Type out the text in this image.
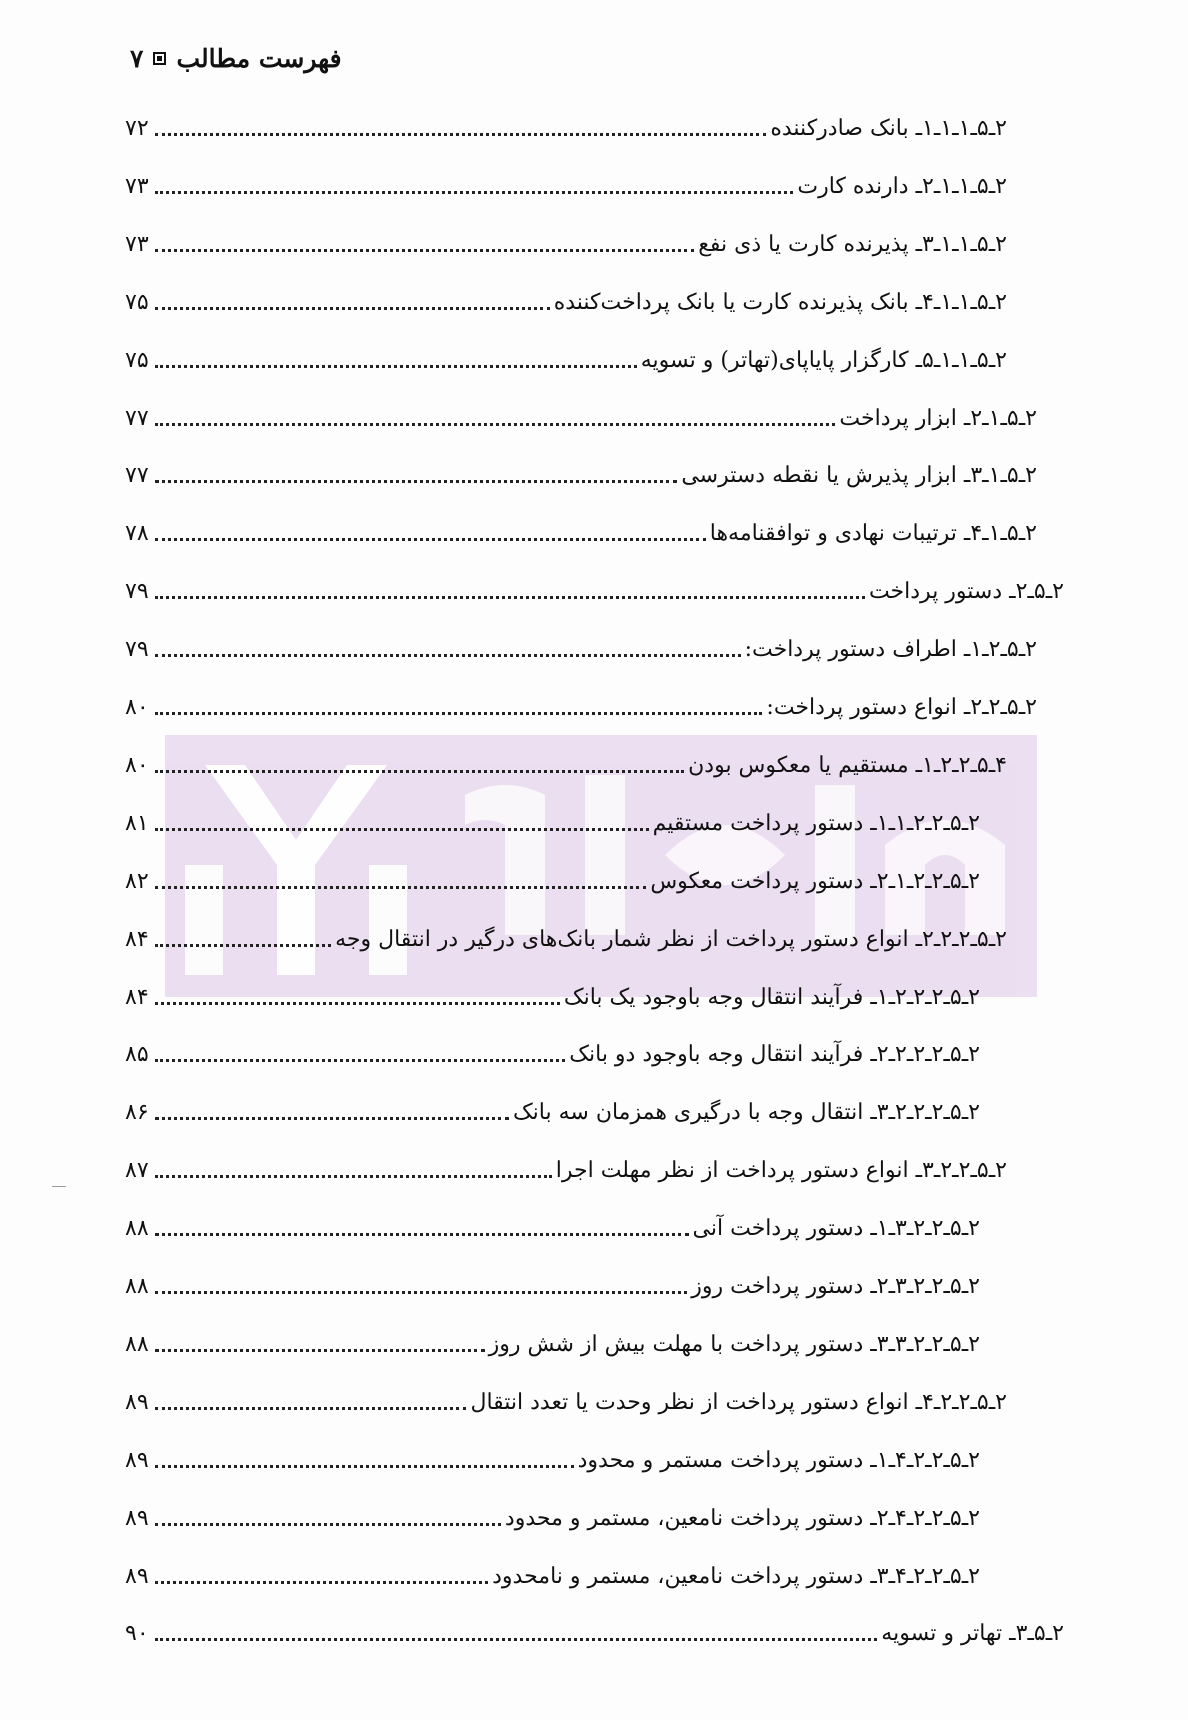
فهرست مطالب
۷
۲ـ۵ـ۱ـ۱ـ۱ـ بانک صادرکننده
۷۲
۲ـ۵ـ۱ـ۱ـ۲ـ دارنده کارت
۷۳
۲ـ۵ـ۱ـ۱ـ۳ـ پذیرنده کارت یا ذی نفع
۷۳
۲ـ۵ـ۱ـ۱ـ۴ـ بانک پذیرنده کارت یا بانک پرداخت‌کننده
۷۵
۲ـ۵ـ۱ـ۱ـ۵ـ کارگزار پایاپای(تهاتر) و تسویه
۷۵
۲ـ۵ـ۱ـ۲ـ ابزار پرداخت
۷۷
۲ـ۵ـ۱ـ۳ـ ابزار پذیرش یا نقطه دسترسی
۷۷
۲ـ۵ـ۱ـ۴ـ ترتیبات نهادی و توافقنامه‌ها
۷۸
۲ـ۵ـ۲ـ دستور پرداخت
۷۹
۲ـ۵ـ۲ـ۱ـ اطراف دستور پرداخت:
۷۹
۲ـ۵ـ۲ـ۲ـ انواع دستور پرداخت:
۸۰
۴ـ۵ـ۲ـ۲ـ۱ـ مستقیم یا معکوس بودن
۸۰
۲ـ۵ـ۲ـ۲ـ۱ـ۱ـ دستور پرداخت مستقیم
۸۱
۲ـ۵ـ۲ـ۲ـ۱ـ۲ـ دستور پرداخت معکوس
۸۲
۲ـ۵ـ۲ـ۲ـ۲ـ انواع دستور پرداخت از نظر شمار بانک‌های درگیر در انتقال وجه
۸۴
۲ـ۵ـ۲ـ۲ـ۲ـ۱ـ فرآیند انتقال وجه باوجود یک بانک
۸۴
۲ـ۵ـ۲ـ۲ـ۲ـ۲ـ فرآیند انتقال وجه باوجود دو بانک
۸۵
۲ـ۵ـ۲ـ۲ـ۲ـ۳ـ انتقال وجه با درگیری همزمان سه بانک
۸۶
۲ـ۵ـ۲ـ۲ـ۳ـ انواع دستور پرداخت از نظر مهلت اجرا
۸۷
۲ـ۵ـ۲ـ۲ـ۳ـ۱ـ دستور پرداخت آنی
۸۸
۲ـ۵ـ۲ـ۲ـ۳ـ۲ـ دستور پرداخت روز
۸۸
۲ـ۵ـ۲ـ۲ـ۳ـ۳ـ دستور پرداخت با مهلت بیش از شش روز
۸۸
۲ـ۵ـ۲ـ۲ـ۴ـ انواع دستور پرداخت از نظر وحدت یا تعدد انتقال
۸۹
۲ـ۵ـ۲ـ۲ـ۴ـ۱ـ دستور پرداخت مستمر و محدود
۸۹
۲ـ۵ـ۲ـ۲ـ۴ـ۲ـ دستور پرداخت نامعین، مستمر و محدود
۸۹
۲ـ۵ـ۲ـ۲ـ۴ـ۳ـ دستور پرداخت نامعین، مستمر و نامحدود
۸۹
۲ـ۵ـ۳ـ تهاتر و تسویه
۹۰
